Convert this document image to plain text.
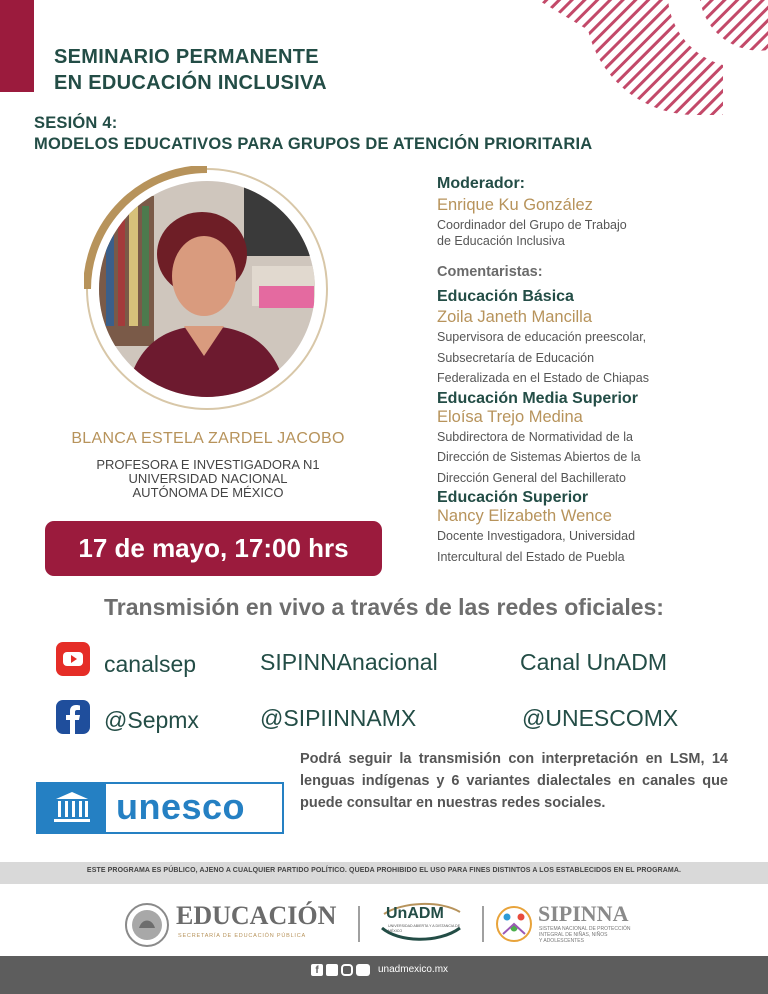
SEMINARIO PERMANENTE
EN EDUCACIÓN INCLUSIVA
SESIÓN 4:
MODELOS EDUCATIVOS PARA GRUPOS DE ATENCIÓN PRIORITARIA
BLANCA ESTELA ZARDEL JACOBO
PROFESORA E INVESTIGADORA N1
UNIVERSIDAD NACIONAL
AUTÓNOMA DE MÉXICO
17 de mayo, 17:00 hrs
Moderador:
Enrique Ku González
Coordinador del Grupo de Trabajo
de Educación Inclusiva
Comentaristas:
Educación Básica
Zoila Janeth Mancilla
Supervisora de educación preescolar,
Subsecretaría de Educación
Federalizada en el Estado de Chiapas
Educación Media Superior
Eloísa Trejo Medina
Subdirectora de Normatividad de la
Dirección de Sistemas Abiertos de la
Dirección General del Bachillerato
Educación Superior
Nancy Elizabeth Wence
Docente Investigadora, Universidad
Intercultural del Estado de Puebla
Transmisión en vivo a través de las redes oficiales:
canalsep	SIPINNAnacional	Canal UnADM
@Sepmx	@SIPIINNAMX	@UNESCOMX
Podrá seguir la transmisión con interpretación en LSM, 14 lenguas indígenas y 6 variantes dialectales en canales que puede consultar en nuestras redes sociales.
unesco
ESTE PROGRAMA ES PÚBLICO, AJENO A CUALQUIER PARTIDO POLÍTICO. QUEDA PROHIBIDO EL USO PARA FINES DISTINTOS A LOS ESTABLECIDOS EN EL PROGRAMA.
EDUCACIÓN
SECRETARÍA DE EDUCACIÓN PÚBLICA
UnADM
UNIVERSIDAD ABIERTA Y A DISTANCIA DE MÉXICO
SIPINNA
SISTEMA NACIONAL DE PROTECCIÓN
INTEGRAL DE NIÑAS, NIÑOS
Y ADOLESCENTES
f	unadmexico.mx
